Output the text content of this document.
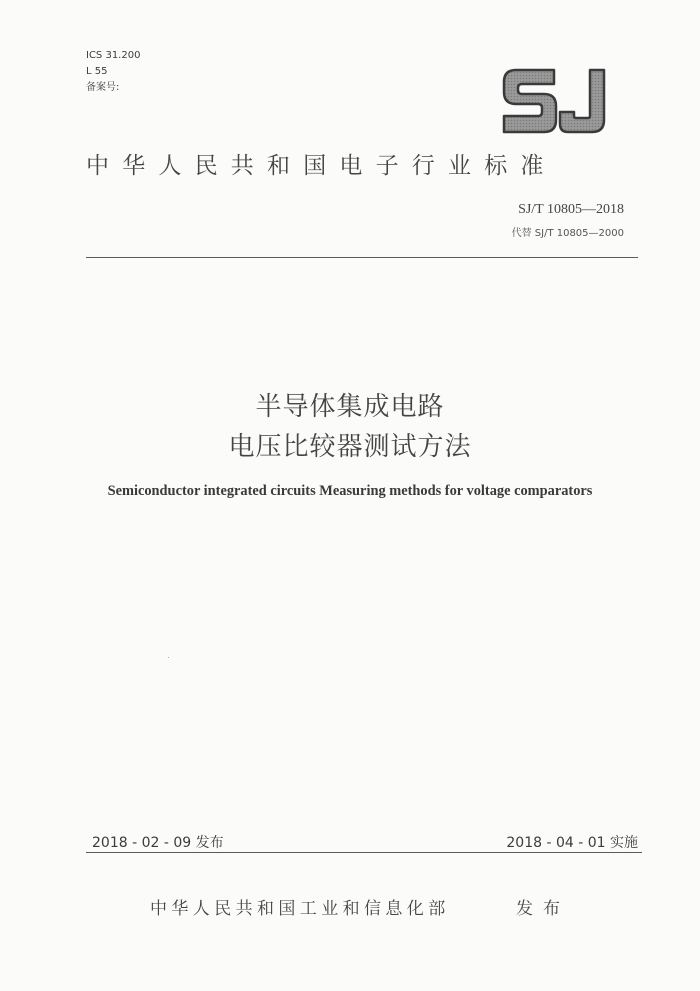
ICS 31.200
L 55
备案号:
中华人民共和国电子行业标准
SJ/T 10805—2018
代替 SJ/T 10805—2000
半导体集成电路
电压比较器测试方法
Semiconductor integrated circuits Measuring methods for voltage comparators
2018 - 02 - 09 发布	2018 - 04 - 01 实施
中华人民共和国工业和信息化部	发布
